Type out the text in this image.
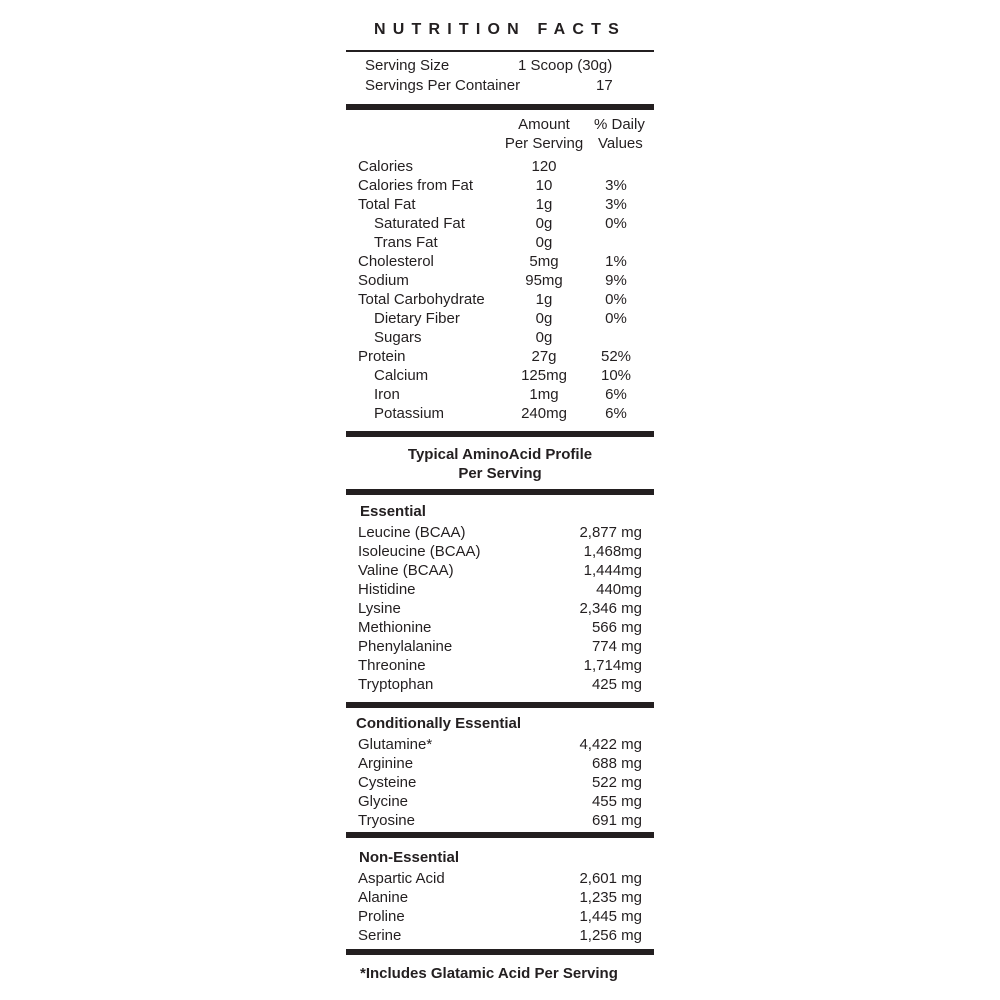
NUTRITION FACTS
Serving Size	1 Scoop (30g)
Servings Per Container	17
Amount
Per Serving
% Daily
Values
Calories	120
Calories from Fat	10	3%
Total Fat	1g	3%
Saturated Fat	0g	0%
Trans Fat	0g
Cholesterol	5mg	1%
Sodium	95mg	9%
Total Carbohydrate	1g	0%
Dietary Fiber	0g	0%
Sugars	0g
Protein	27g	52%
Calcium	125mg	10%
Iron	1mg	6%
Potassium	240mg	6%
Typical AminoAcid Profile
Per Serving
Essential
Leucine (BCAA)	2,877 mg
Isoleucine (BCAA)	1,468mg
Valine (BCAA)	1,444mg
Histidine	440mg
Lysine	2,346 mg
Methionine	566 mg
Phenylalanine	774 mg
Threonine	1,714mg
Tryptophan	425 mg
Conditionally Essential
Glutamine*	4,422 mg
Arginine	688 mg
Cysteine	522 mg
Glycine	455 mg
Tryosine	691 mg
Non-Essential
Aspartic Acid	2,601 mg
Alanine	1,235 mg
Proline	1,445 mg
Serine	1,256 mg
*Includes Glatamic Acid Per Serving
